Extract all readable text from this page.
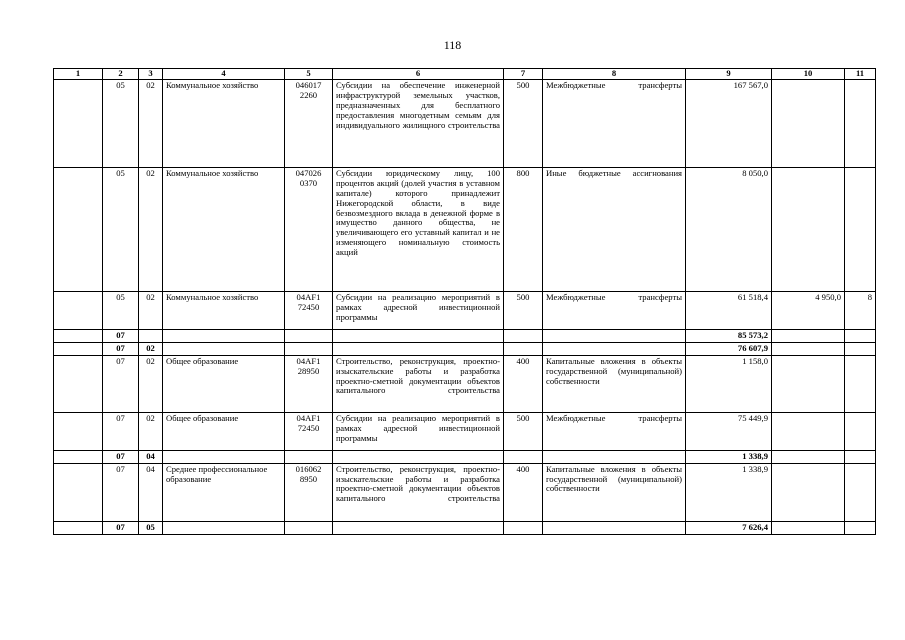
118
1	2	3	4	5	6	7	8	9	10	11
	05	02	Коммунальное хозяйство	046017 2260	Субсидии на обеспечение инженерной инфраструктурой земельных участков, предназначенных для бесплатного предоставления многодетным семьям для индивидуального жилищного строительства	500	Межбюджетные трансферты	167 567,0		
	05	02	Коммунальное хозяйство	047026 0370	Субсидии юридическому лицу, 100 процентов акций (долей участия в уставном капитале) которого принадлежит Нижегородской области, в виде безвозмездного вклада в денежной форме в имущество данного общества, не увеличивающего его уставный капитал и не изменяющего номинальную стоимость акций	800	Иные бюджетные ассигнования	8 050,0		
	05	02	Коммунальное хозяйство	04AF1 72450	Субсидии на реализацию мероприятий в рамках адресной инвестиционной программы	500	Межбюджетные трансферты	61 518,4	4 950,0	8
	07							85 573,2		
	07	02						76 607,9		
	07	02	Общее образование	04AF1 28950	Строительство, реконструкция, проектно-изыскательские работы и разработка проектно-сметной документации объектов капитального строительства	400	Капитальные вложения в объекты государственной (муниципальной) собственности	1 158,0		
	07	02	Общее образование	04AF1 72450	Субсидии на реализацию мероприятий в рамках адресной инвестиционной программы	500	Межбюджетные трансферты	75 449,9		
	07	04						1 338,9		
	07	04	Среднее профессиональное образование	016062 8950	Строительство, реконструкция, проектно-изыскательские работы и разработка проектно-сметной документации объектов капитального строительства	400	Капитальные вложения в объекты государственной (муниципальной) собственности	1 338,9		
	07	05						7 626,4		
